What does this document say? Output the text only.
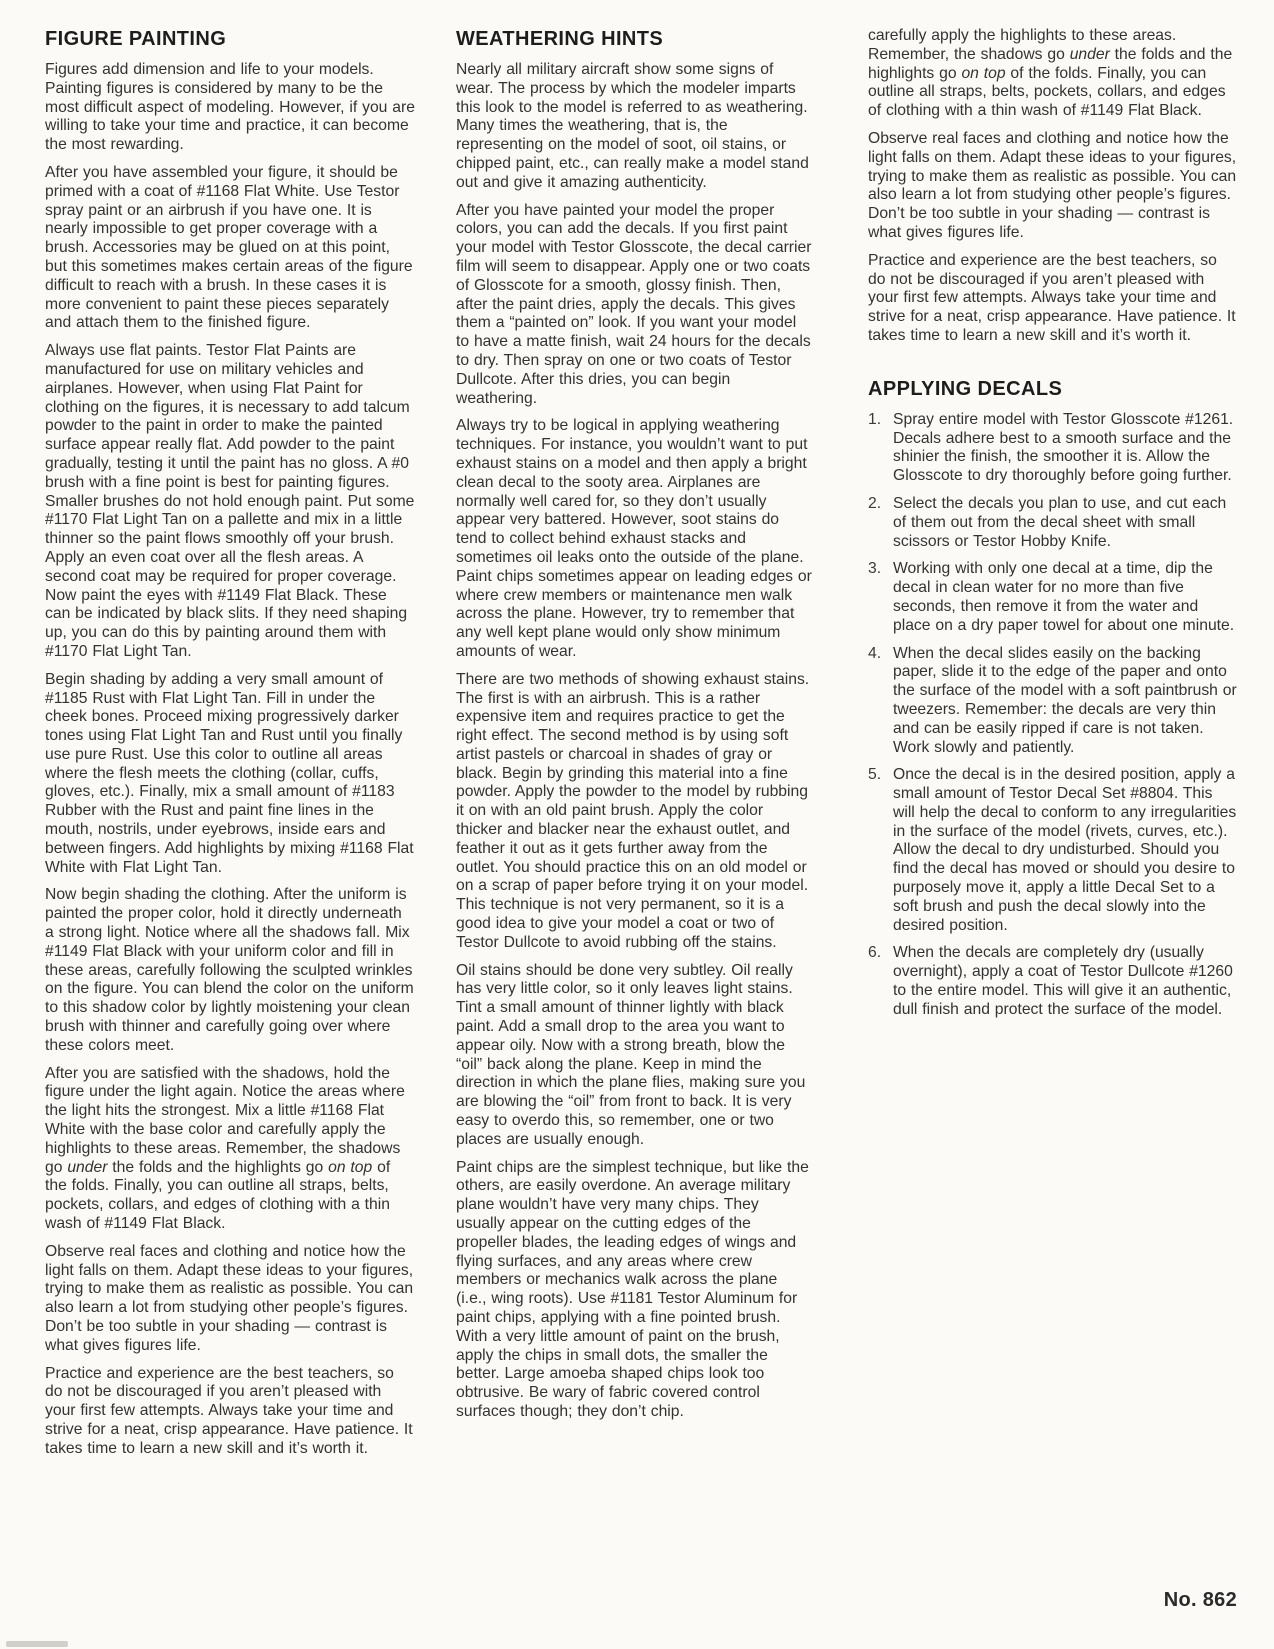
FIGURE PAINTING

Figures add dimension and life to your models. Painting figures is considered by many to be the most difficult aspect of modeling. However, if you are willing to take your time and practice, it can become the most rewarding.

After you have assembled your figure, it should be primed with a coat of #1168 Flat White. Use Testor spray paint or an airbrush if you have one. It is nearly impossible to get proper coverage with a brush. Accessories may be glued on at this point, but this sometimes makes certain areas of the figure difficult to reach with a brush. In these cases it is more convenient to paint these pieces separately and attach them to the finished figure.

Always use flat paints. Testor Flat Paints are manufactured for use on military vehicles and airplanes. However, when using Flat Paint for clothing on the figures, it is necessary to add talcum powder to the paint in order to make the painted surface appear really flat. Add powder to the paint gradually, testing it until the paint has no gloss. A #0 brush with a fine point is best for painting figures. Smaller brushes do not hold enough paint. Put some #1170 Flat Light Tan on a pallette and mix in a little thinner so the paint flows smoothly off your brush. Apply an even coat over all the flesh areas. A second coat may be required for proper coverage. Now paint the eyes with #1149 Flat Black. These can be indicated by black slits. If they need shaping up, you can do this by painting around them with #1170 Flat Light Tan.

Begin shading by adding a very small amount of #1185 Rust with Flat Light Tan. Fill in under the cheek bones. Proceed mixing progressively darker tones using Flat Light Tan and Rust until you finally use pure Rust. Use this color to outline all areas where the flesh meets the clothing (collar, cuffs, gloves, etc.). Finally, mix a small amount of #1183 Rubber with the Rust and paint fine lines in the mouth, nostrils, under eyebrows, inside ears and between fingers. Add highlights by mixing #1168 Flat White with Flat Light Tan.

Now begin shading the clothing. After the uniform is painted the proper color, hold it directly underneath a strong light. Notice where all the shadows fall. Mix #1149 Flat Black with your uniform color and fill in these areas, carefully following the sculpted wrinkles on the figure. You can blend the color on the uniform to this shadow color by lightly moistening your clean brush with thinner and carefully going over where these colors meet.

After you are satisfied with the shadows, hold the figure under the light again. Notice the areas where the light hits the strongest. Mix a little #1168 Flat White with the base color and carefully apply the highlights to these areas. Remember, the shadows go under the folds and the highlights go on top of the folds. Finally, you can outline all straps, belts, pockets, collars, and edges of clothing with a thin wash of #1149 Flat Black.

Observe real faces and clothing and notice how the light falls on them. Adapt these ideas to your figures, trying to make them as realistic as possible. You can also learn a lot from studying other people’s figures. Don’t be too subtle in your shading — contrast is what gives figures life.

Practice and experience are the best teachers, so do not be discouraged if you aren’t pleased with your first few attempts. Always take your time and strive for a neat, crisp appearance. Have patience. It takes time to learn a new skill and it’s worth it.

WEATHERING HINTS

Nearly all military aircraft show some signs of wear. The process by which the modeler imparts this look to the model is referred to as weathering. Many times the weathering, that is, the representing on the model of soot, oil stains, or chipped paint, etc., can really make a model stand out and give it amazing authenticity.

After you have painted your model the proper colors, you can add the decals. If you first paint your model with Testor Glosscote, the decal carrier film will seem to disappear. Apply one or two coats of Glosscote for a smooth, glossy finish. Then, after the paint dries, apply the decals. This gives them a “painted on” look. If you want your model to have a matte finish, wait 24 hours for the decals to dry. Then spray on one or two coats of Testor Dullcote. After this dries, you can begin weathering.

Always try to be logical in applying weathering techniques. For instance, you wouldn’t want to put exhaust stains on a model and then apply a bright clean decal to the sooty area. Airplanes are normally well cared for, so they don’t usually appear very battered. However, soot stains do tend to collect behind exhaust stacks and sometimes oil leaks onto the outside of the plane. Paint chips sometimes appear on leading edges or where crew members or maintenance men walk across the plane. However, try to remember that any well kept plane would only show minimum amounts of wear.

There are two methods of showing exhaust stains. The first is with an airbrush. This is a rather expensive item and requires practice to get the right effect. The second method is by using soft artist pastels or charcoal in shades of gray or black. Begin by grinding this material into a fine powder. Apply the powder to the model by rubbing it on with an old paint brush. Apply the color thicker and blacker near the exhaust outlet, and feather it out as it gets further away from the outlet. You should practice this on an old model or on a scrap of paper before trying it on your model. This technique is not very permanent, so it is a good idea to give your model a coat or two of Testor Dullcote to avoid rubbing off the stains.

Oil stains should be done very subtley. Oil really has very little color, so it only leaves light stains. Tint a small amount of thinner lightly with black paint. Add a small drop to the area you want to appear oily. Now with a strong breath, blow the “oil” back along the plane. Keep in mind the direction in which the plane flies, making sure you are blowing the “oil” from front to back. It is very easy to overdo this, so remember, one or two places are usually enough.

Paint chips are the simplest technique, but like the others, are easily overdone. An average military plane wouldn’t have very many chips. They usually appear on the cutting edges of the propeller blades, the leading edges of wings and flying surfaces, and any areas where crew members or mechanics walk across the plane (i.e., wing roots). Use #1181 Testor Aluminum for paint chips, applying with a fine pointed brush. With a very little amount of paint on the brush, apply the chips in small dots, the smaller the better. Large amoeba shaped chips look too obtrusive. Be wary of fabric covered control surfaces though; they don’t chip.

carefully apply the highlights to these areas. Remember, the shadows go under the folds and the highlights go on top of the folds. Finally, you can outline all straps, belts, pockets, collars, and edges of clothing with a thin wash of #1149 Flat Black.

Observe real faces and clothing and notice how the light falls on them. Adapt these ideas to your figures, trying to make them as realistic as possible. You can also learn a lot from studying other people’s figures. Don’t be too subtle in your shading — contrast is what gives figures life.

Practice and experience are the best teachers, so do not be discouraged if you aren’t pleased with your first few attempts. Always take your time and strive for a neat, crisp appearance. Have patience. It takes time to learn a new skill and it’s worth it.

APPLYING DECALS
1. Spray entire model with Testor Glosscote #1261. Decals adhere best to a smooth surface and the shinier the finish, the smoother it is. Allow the Glosscote to dry thoroughly before going further.
2. Select the decals you plan to use, and cut each of them out from the decal sheet with small scissors or Testor Hobby Knife.
3. Working with only one decal at a time, dip the decal in clean water for no more than five seconds, then remove it from the water and place on a dry paper towel for about one minute.
4. When the decal slides easily on the backing paper, slide it to the edge of the paper and onto the surface of the model with a soft paintbrush or tweezers. Remember: the decals are very thin and can be easily ripped if care is not taken. Work slowly and patiently.
5. Once the decal is in the desired position, apply a small amount of Testor Decal Set #8804. This will help the decal to conform to any irregularities in the surface of the model (rivets, curves, etc.). Allow the decal to dry undisturbed. Should you find the decal has moved or should you desire to purposely move it, apply a little Decal Set to a soft brush and push the decal slowly into the desired position.
6. When the decals are completely dry (usually overnight), apply a coat of Testor Dullcote #1260 to the entire model. This will give it an authentic, dull finish and protect the surface of the model.
No. 862
